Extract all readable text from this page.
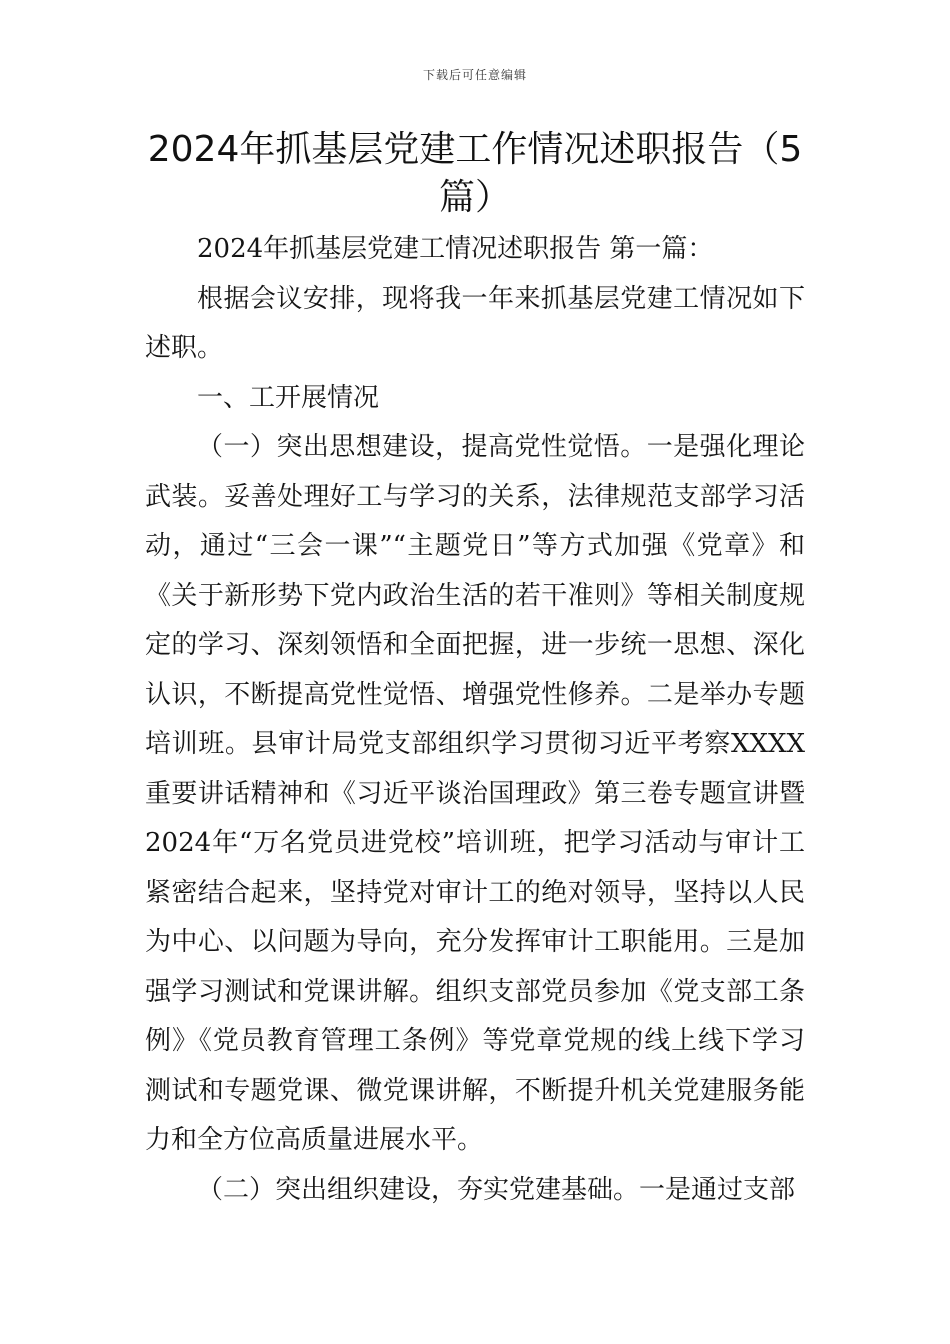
下载后可任意编辑
2024年抓基层党建工作情况述职报告（5篇）

2024年抓基层党建工情况述职报告 第一篇：

根据会议安排，现将我一年来抓基层党建工情况如下述职。

一、工开展情况

（一）突出思想建设，提高党性觉悟。一是强化理论武装。妥善处理好工与学习的关系，法律规范支部学习活动，通过“三会一课”“主题党日”等方式加强《党章》和《关于新形势下党内政治生活的若干准则》等相关制度规定的学习、深刻领悟和全面把握，进一步统一思想、深化认识，不断提高党性觉悟、增强党性修养。二是举办专题培训班。县审计局党支部组织学习贯彻习近平考察XXXX重要讲话精神和《习近平谈治国理政》第三卷专题宣讲暨2024年“万名党员进党校”培训班，把学习活动与审计工紧密结合起来，坚持党对审计工的绝对领导，坚持以人民为中心、以问题为导向，充分发挥审计工职能用。三是加强学习测试和党课讲解。组织支部党员参加《党支部工条例》《党员教育管理工条例》等党章党规的线上线下学习测试和专题党课、微党课讲解，不断提升机关党建服务能力和全方位高质量进展水平。

（二）突出组织建设，夯实党建基础。一是通过支部
